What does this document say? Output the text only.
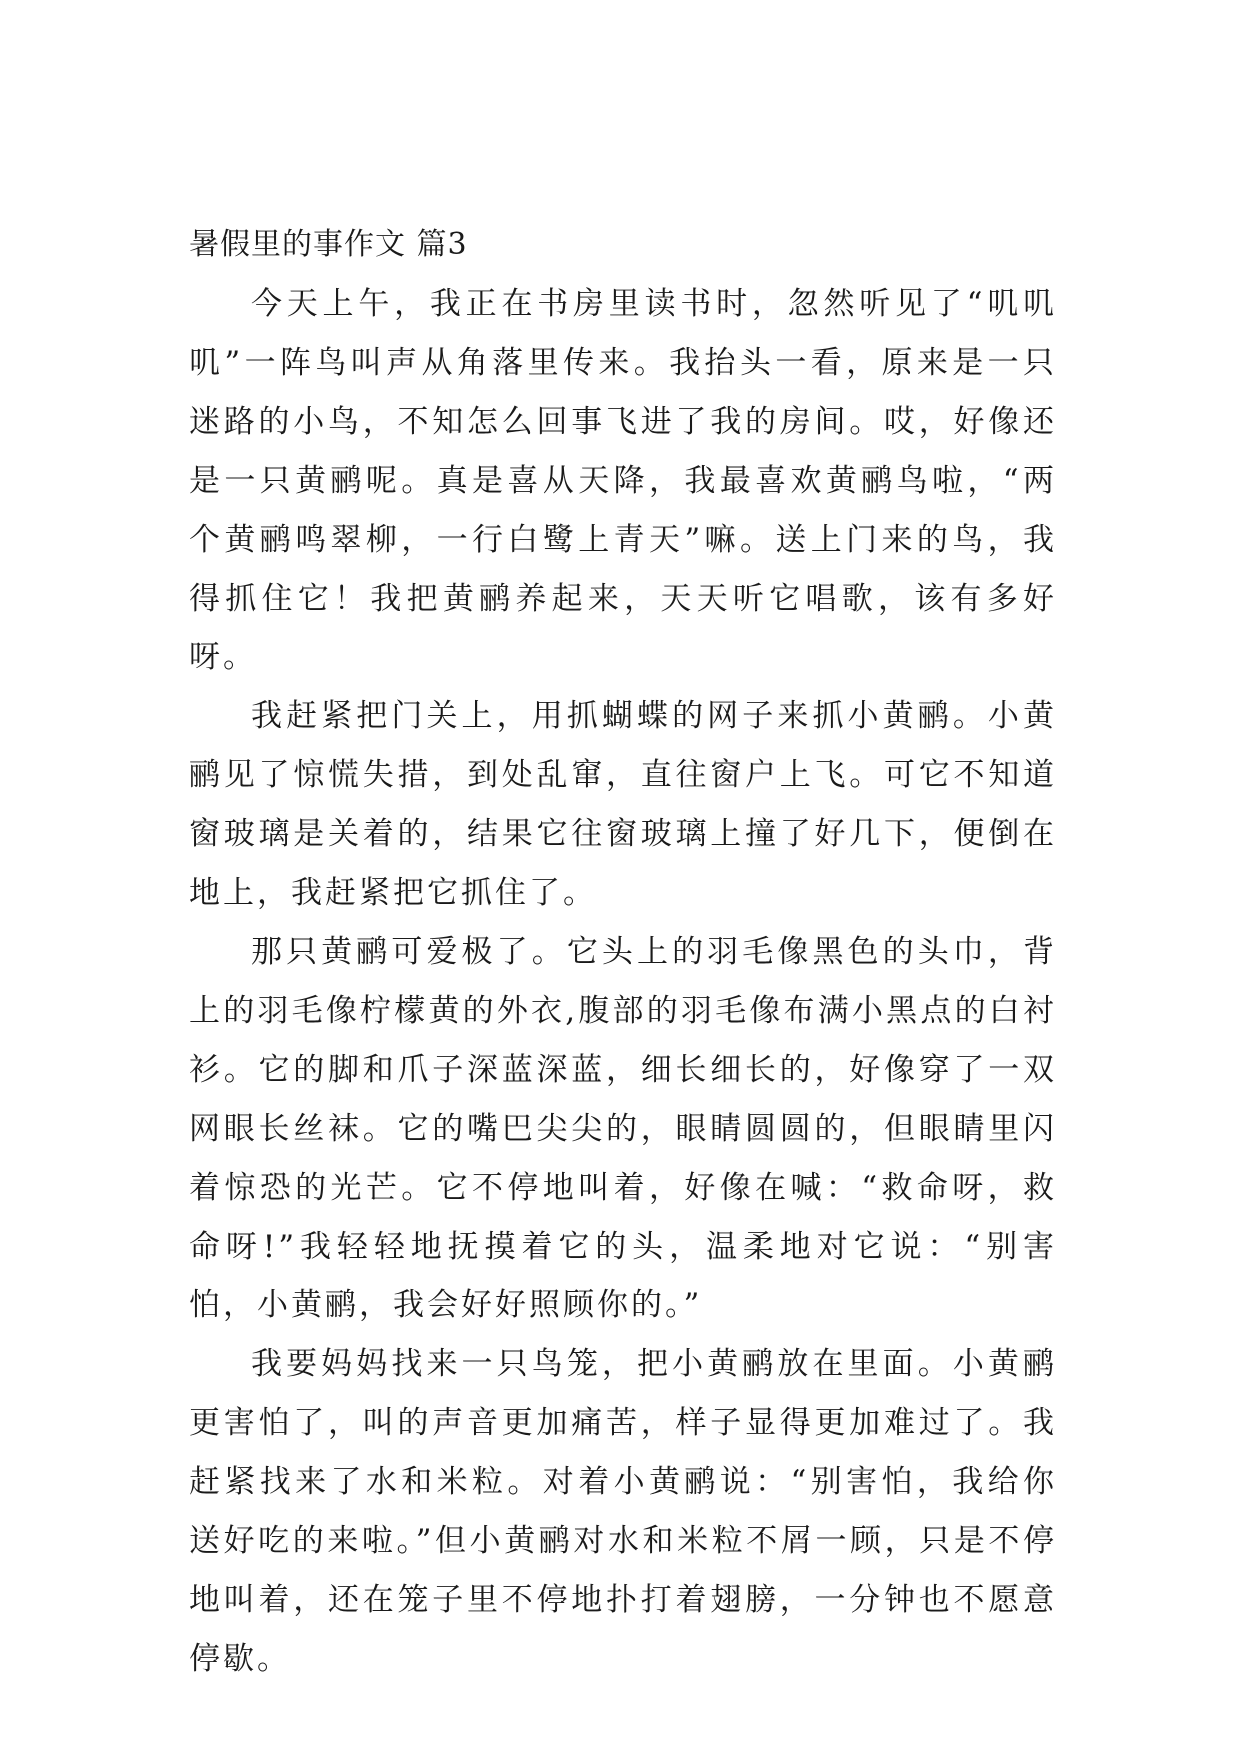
暑假里的事作文 篇3

今天上午，我正在书房里读书时，忽然听见了“叽叽叽”一阵鸟叫声从角落里传来。我抬头一看，原来是一只迷路的小鸟，不知怎么回事飞进了我的房间。哎，好像还是一只黄鹂呢。真是喜从天降，我最喜欢黄鹂鸟啦，“两个黄鹂鸣翠柳，一行白鹭上青天”嘛。送上门来的鸟，我得抓住它！我把黄鹂养起来，天天听它唱歌，该有多好呀。

我赶紧把门关上，用抓蝴蝶的网子来抓小黄鹂。小黄鹂见了惊慌失措，到处乱窜，直往窗户上飞。可它不知道窗玻璃是关着的，结果它往窗玻璃上撞了好几下，便倒在地上，我赶紧把它抓住了。

那只黄鹂可爱极了。它头上的羽毛像黑色的头巾，背上的羽毛像柠檬黄的外衣,腹部的羽毛像布满小黑点的白衬衫。它的脚和爪子深蓝深蓝，细长细长的，好像穿了一双网眼长丝袜。它的嘴巴尖尖的，眼睛圆圆的，但眼睛里闪着惊恐的光芒。它不停地叫着，好像在喊：“救命呀，救命呀!”我轻轻地抚摸着它的头，温柔地对它说：“别害怕，小黄鹂，我会好好照顾你的。”

我要妈妈找来一只鸟笼，把小黄鹂放在里面。小黄鹂更害怕了，叫的声音更加痛苦，样子显得更加难过了。我赶紧找来了水和米粒。对着小黄鹂说：“别害怕，我给你送好吃的来啦。”但小黄鹂对水和米粒不屑一顾，只是不停地叫着，还在笼子里不停地扑打着翅膀，一分钟也不愿意停歇。
